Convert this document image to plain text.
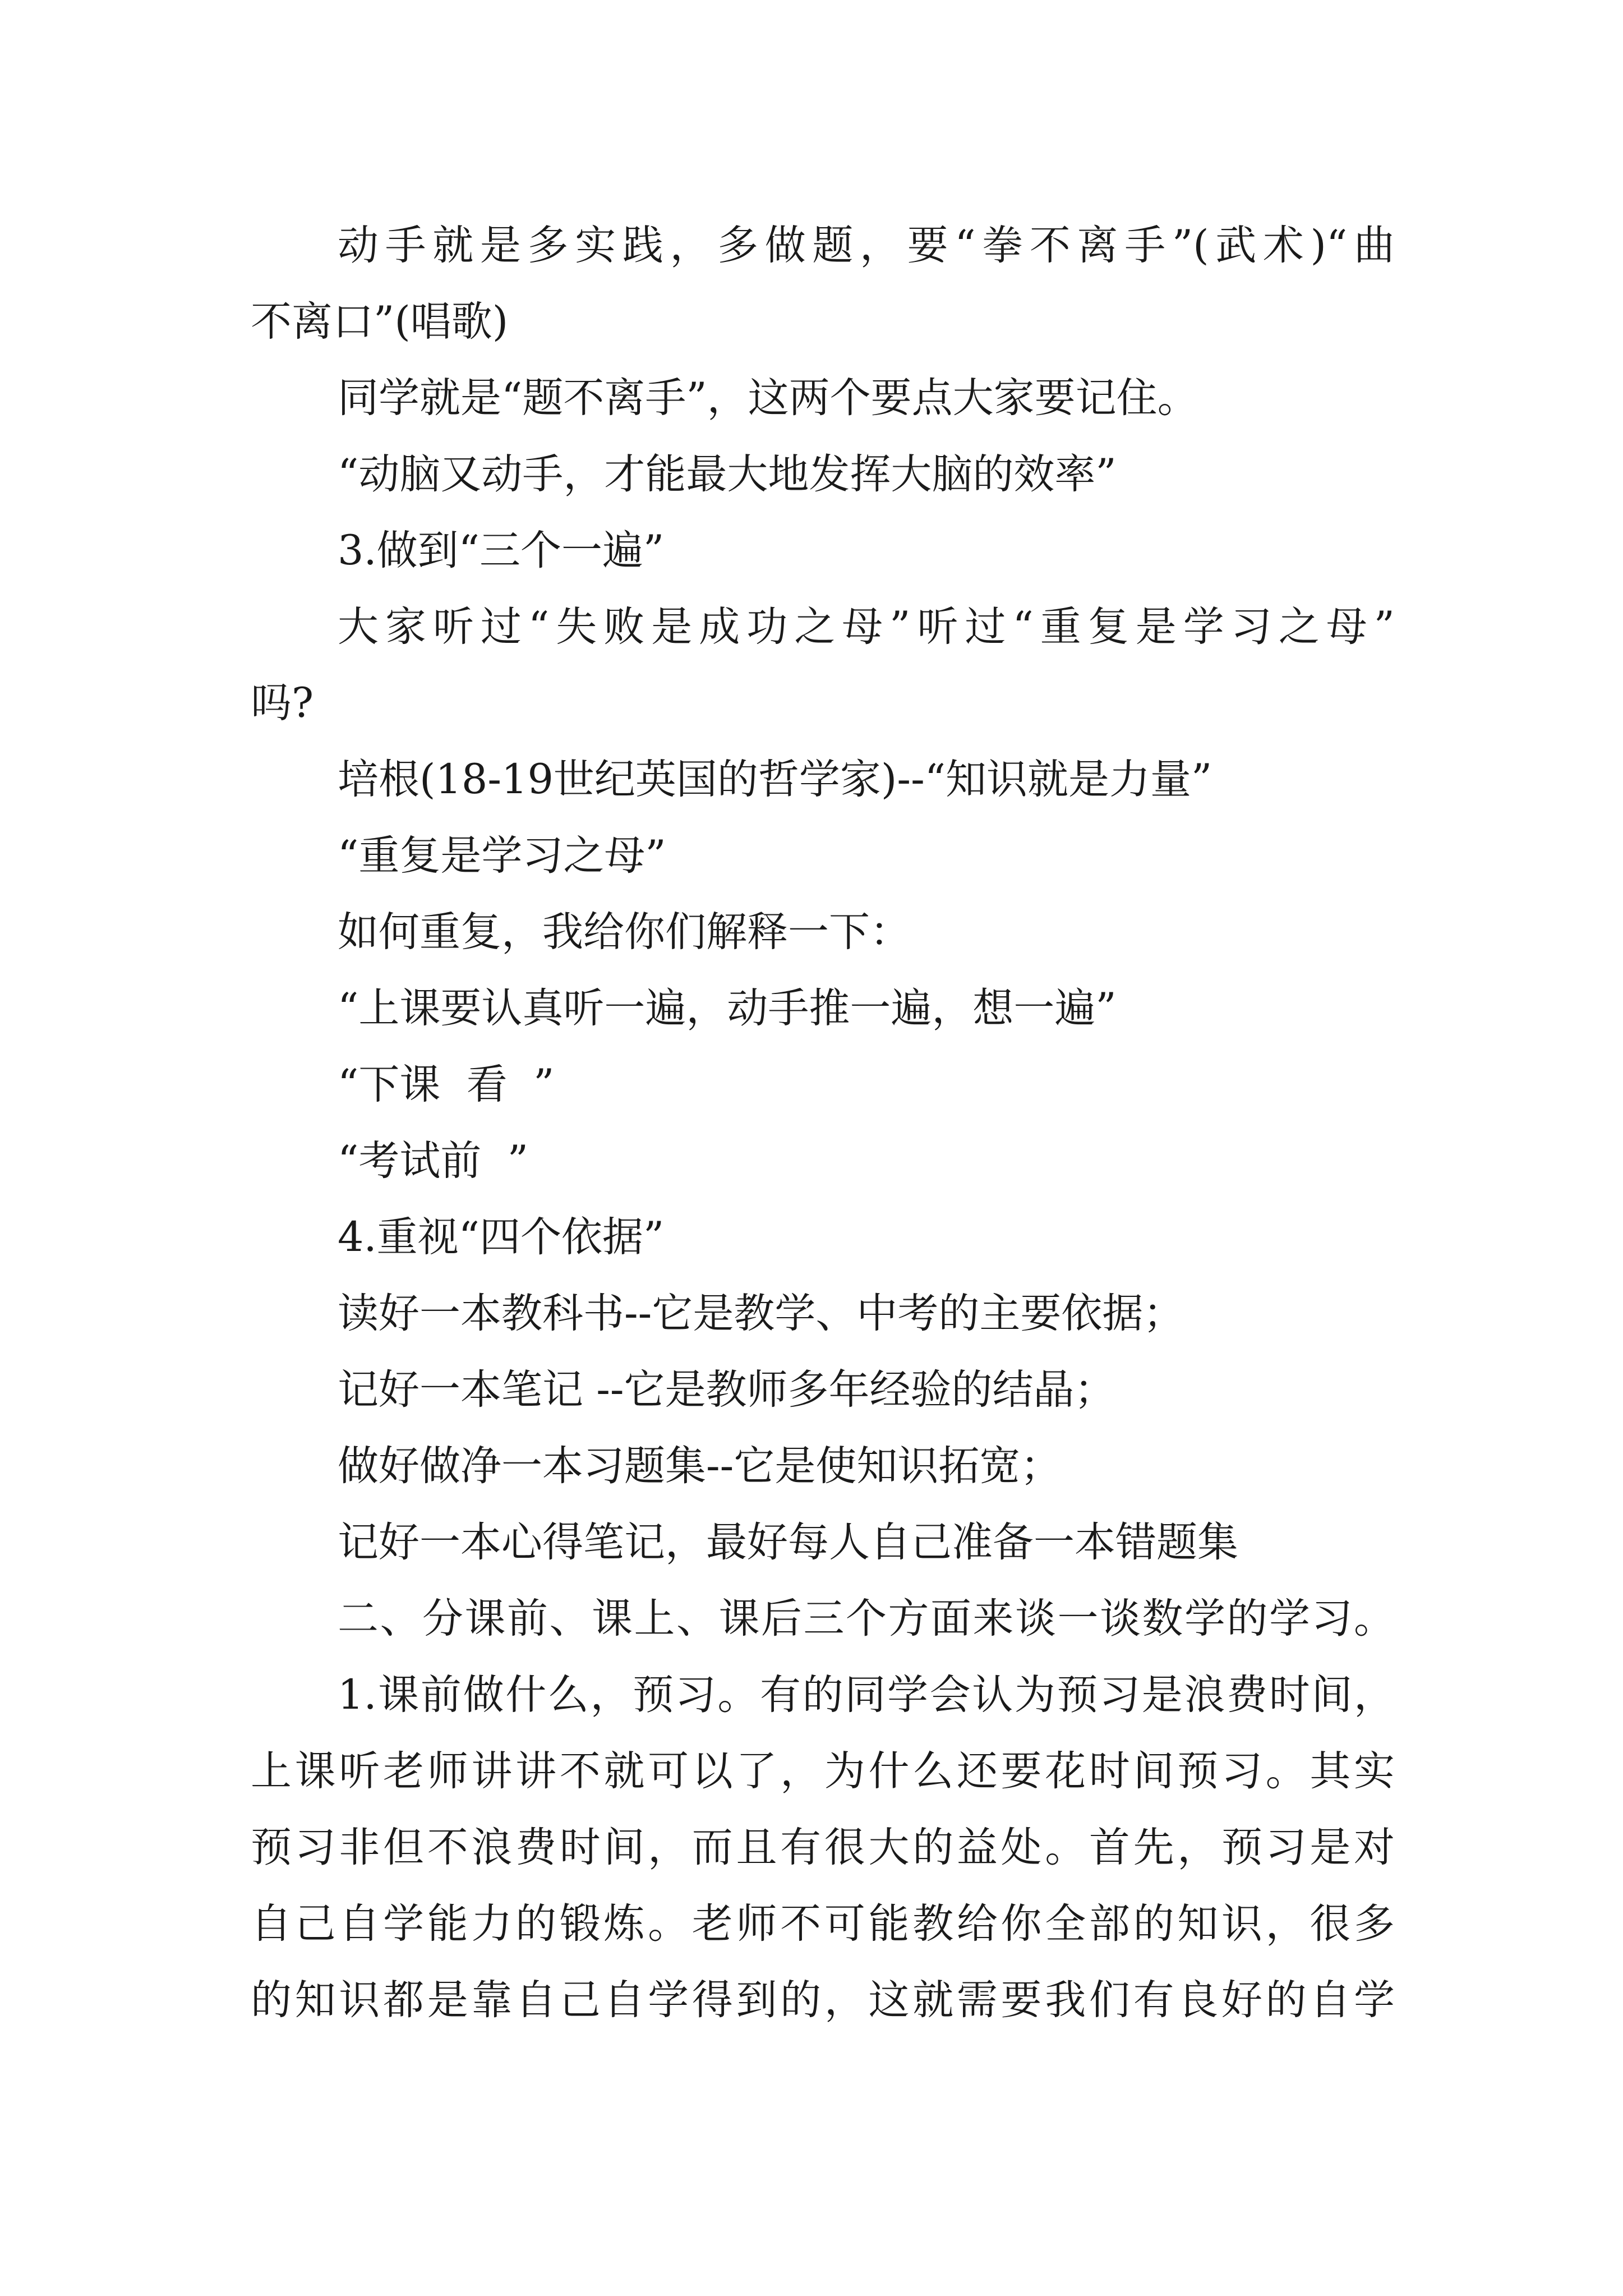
动手就是多实践，多做题，要“拳不离手”(武术)“曲
不离口”(唱歌)
同学就是“题不离手”，这两个要点大家要记住。
“动脑又动手，才能最大地发挥大脑的效率”
3.做到“三个一遍”
大家听过“失败是成功之母”听过“重复是学习之母”
吗?
培根(18-19世纪英国的哲学家)--“知识就是力量”
“重复是学习之母”
如何重复，我给你们解释一下：
“上课要认真听一遍，动手推一遍，想一遍”
“下课  看  ”
“考试前  ”
4.重视“四个依据”
读好一本教科书--它是教学、中考的主要依据；
记好一本笔记 --它是教师多年经验的结晶；
做好做净一本习题集--它是使知识拓宽；
记好一本心得笔记，最好每人自己准备一本错题集
二、分课前、课上、课后三个方面来谈一谈数学的学习。
1.课前做什么，预习。有的同学会认为预习是浪费时间，
上课听老师讲讲不就可以了，为什么还要花时间预习。其实
预习非但不浪费时间，而且有很大的益处。首先，预习是对
自己自学能力的锻炼。老师不可能教给你全部的知识，很多
的知识都是靠自己自学得到的，这就需要我们有良好的自学
